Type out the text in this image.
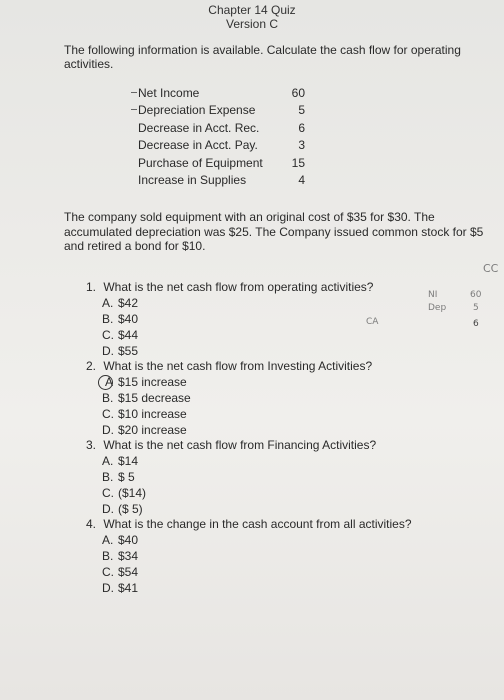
Chapter 14 Quiz
Version C
The following information is available. Calculate the cash flow for operating
activities.
Net Income	60
Depreciation Expense	5
Decrease in Acct. Rec.	6
Decrease in Acct. Pay.	3
Purchase of Equipment	15
Increase in Supplies	4
The company sold equipment with an original cost of $35 for $30. The
accumulated depreciation was $25. The Company issued common stock for $5
and retired a bond for $10.
1. What is the net cash flow from operating activities?
A. $42
B. $40
C. $44
D. $55
2. What is the net cash flow from Investing Activities?
A $15 increase
B. $15 decrease
C. $10 increase
D. $20 increase
3. What is the net cash flow from Financing Activities?
A. $14
B. $ 5
C. ($14)
D. ($ 5)
4. What is the change in the cash account from all activities?
A. $40
B. $34
C. $54
D. $41
CC
NI	60
Dep	5
6
CA
